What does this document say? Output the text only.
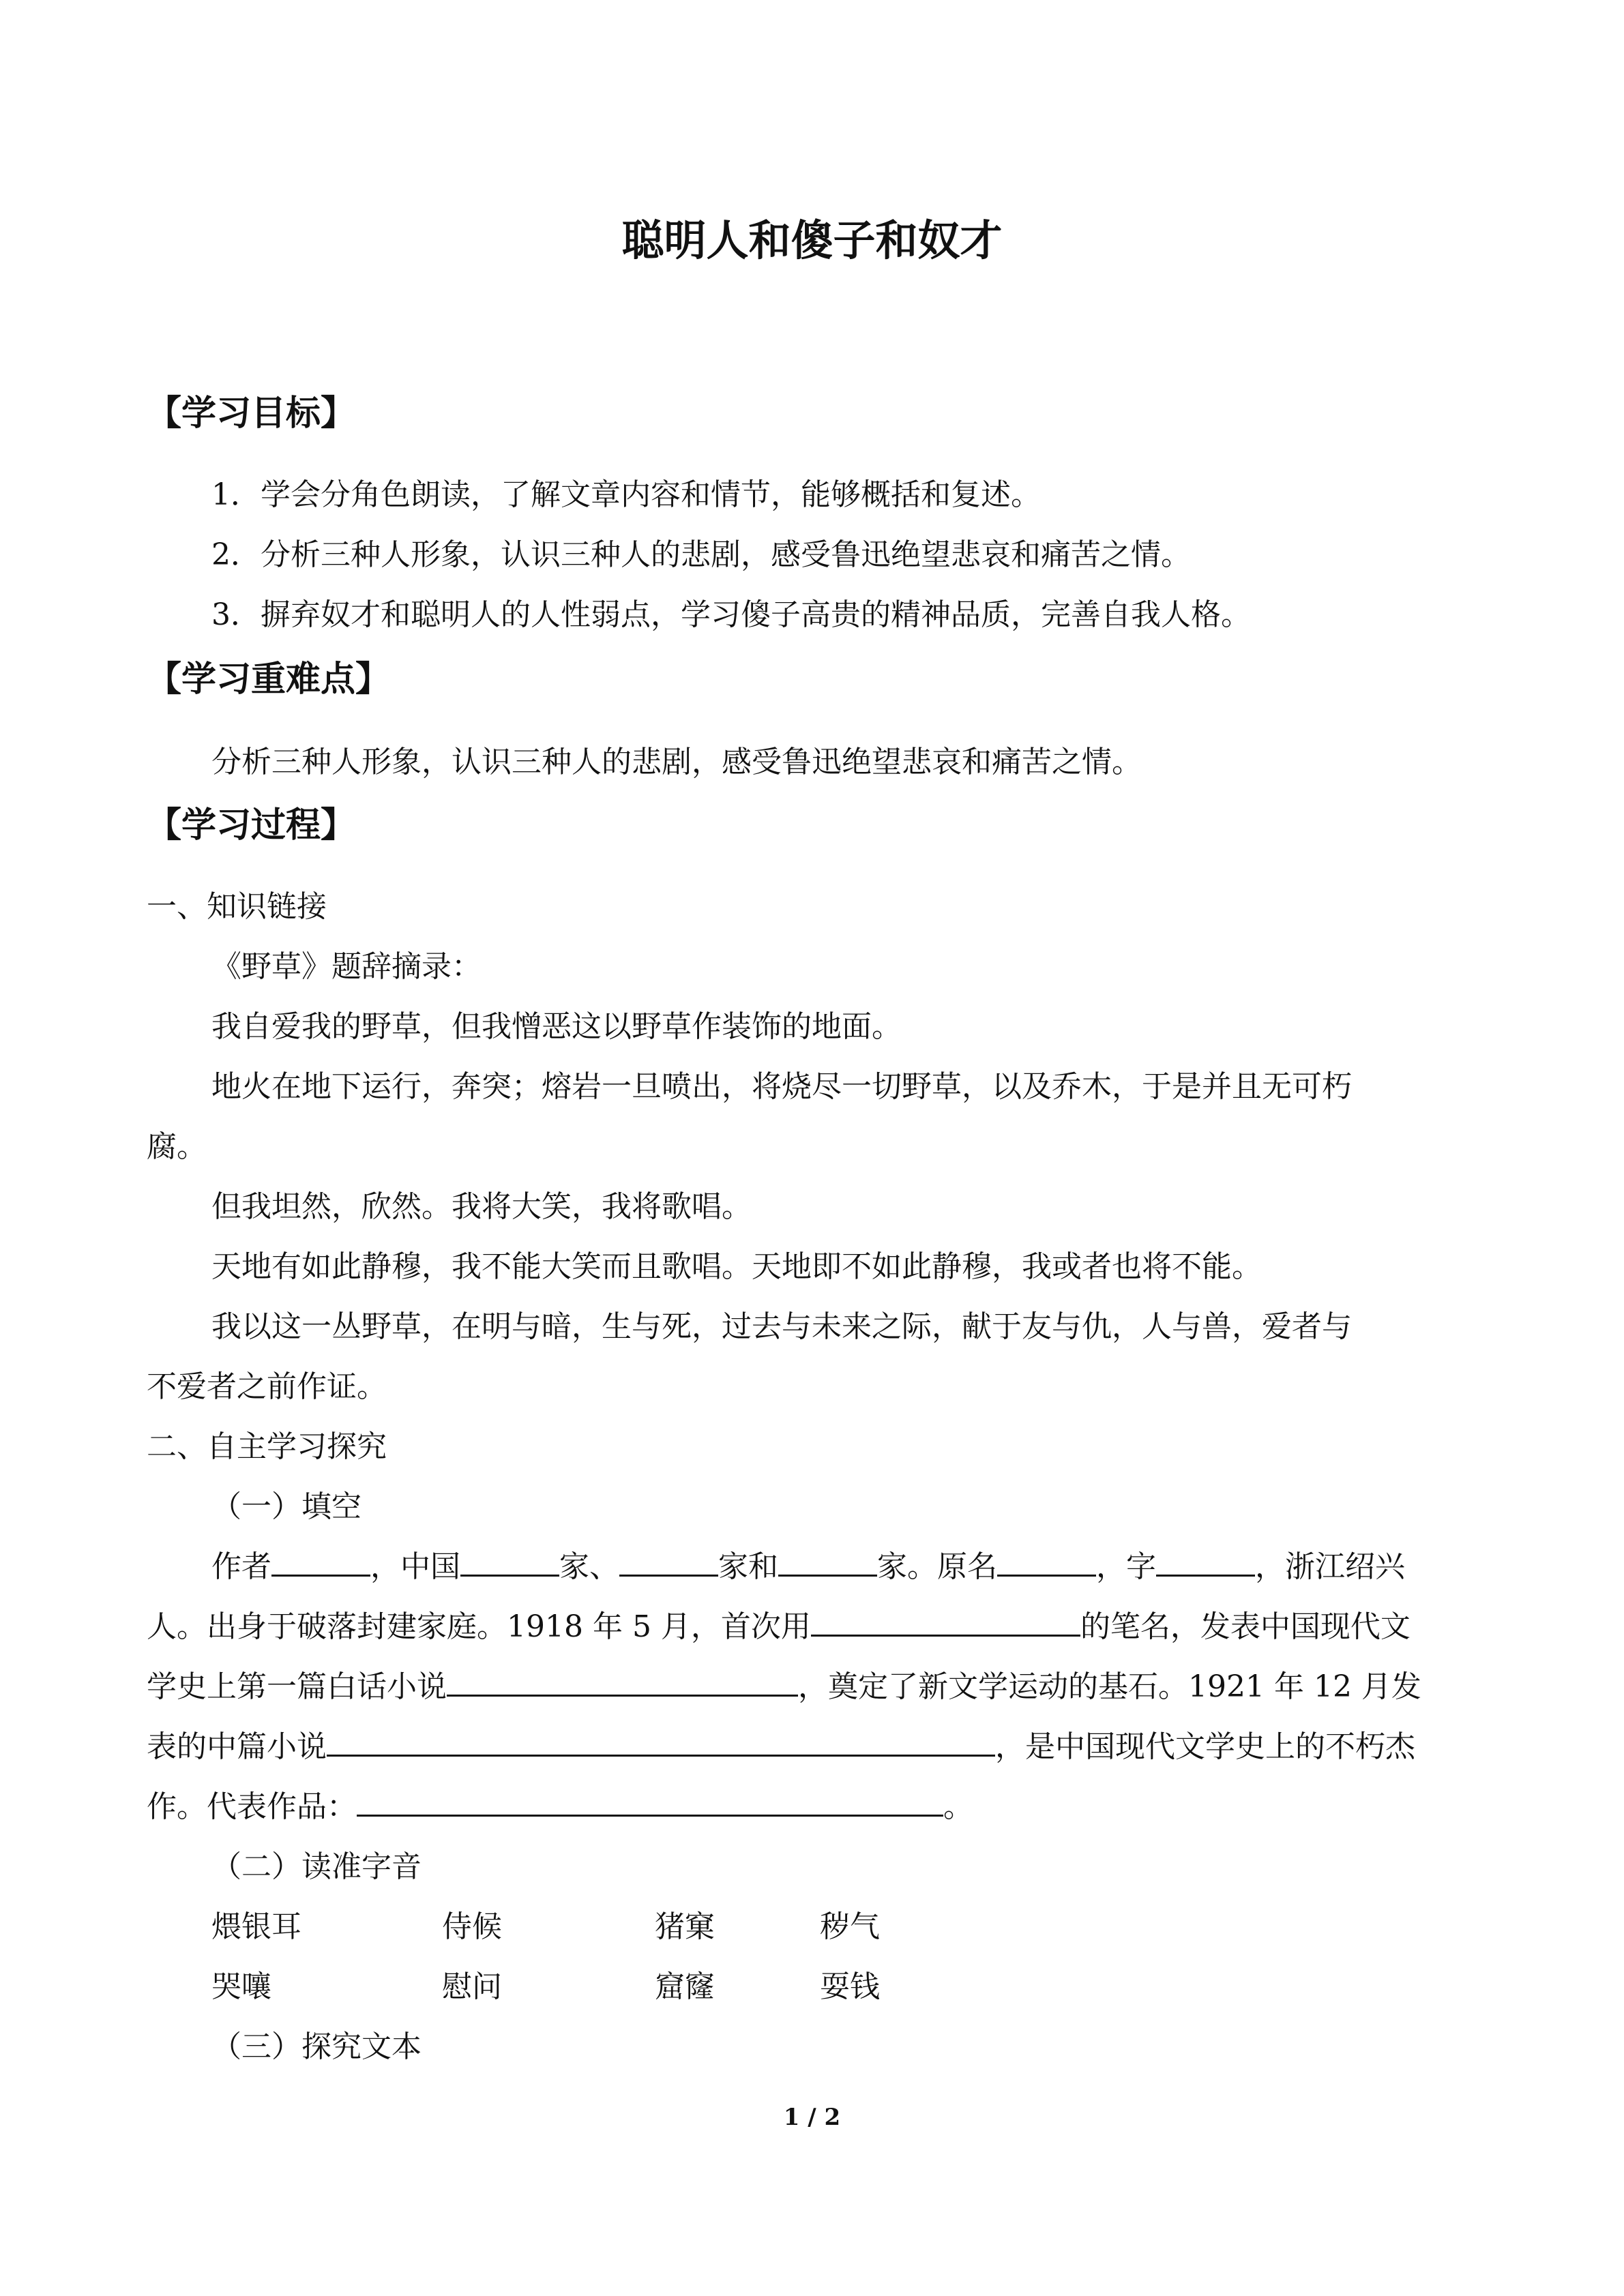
聪明人和傻子和奴才
【学习目标】

1．学会分角色朗读，了解文章内容和情节，能够概括和复述。

2．分析三种人形象，认识三种人的悲剧，感受鲁迅绝望悲哀和痛苦之情。

3．摒弃奴才和聪明人的人性弱点，学习傻子高贵的精神品质，完善自我人格。

【学习重难点】

分析三种人形象，认识三种人的悲剧，感受鲁迅绝望悲哀和痛苦之情。

【学习过程】

一、知识链接

《野草》题辞摘录：

我自爱我的野草，但我憎恶这以野草作装饰的地面。

地火在地下运行，奔突；熔岩一旦喷出，将烧尽一切野草，以及乔木，于是并且无可朽

腐。

但我坦然，欣然。我将大笑，我将歌唱。

天地有如此静穆，我不能大笑而且歌唱。天地即不如此静穆，我或者也将不能。

我以这一丛野草，在明与暗，生与死，过去与未来之际，献于友与仇，人与兽，爱者与

不爱者之前作证。

二、自主学习探究

（一）填空

作者	，中国	家、	家和	家。原名	，字	，浙江绍兴

人。出身于破落封建家庭。1918 年 5 月，首次用	的笔名，发表中国现代文

学史上第一篇白话小说	，奠定了新文学运动的基石。1921 年 12 月发

表的中篇小说	，是中国现代文学史上的不朽杰

作。代表作品：	。

（二）读准字音

煨银耳	侍候	猪窠	秽气

哭嚷	慰问	窟窿	耍钱

（三）探究文本

1 / 2
